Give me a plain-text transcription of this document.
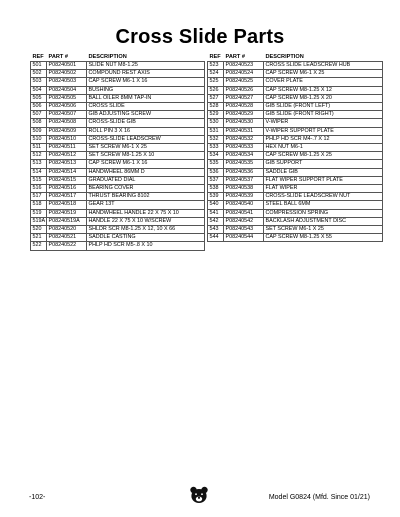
Cross Slide Parts
REF	PART #	DESCRIPTION
501	P08240501	SLIDE NUT M8-1.25
502	P08240502	COMPOUND REST AXIS
503	P08240503	CAP SCREW M6-1 X 16
504	P08240504	BUSHING
505	P08240505	BALL OILER 8MM TAP-IN
506	P08240506	CROSS SLIDE
507	P08240507	GIB ADJUSTING SCREW
508	P08240508	CROSS-SLIDE GIB
509	P08240509	ROLL PIN 3 X 16
510	P08240510	CROSS-SLIDE LEADSCREW
511	P08240511	SET SCREW M6-1 X 25
512	P08240512	SET SCREW M8-1.25 X 10
513	P08240513	CAP SCREW M6-1 X 16
514	P08240514	HANDWHEEL 86MM D
515	P08240515	GRADUATED DIAL
516	P08240516	BEARING COVER
517	P08240517	THRUST BEARING 8102
518	P08240518	GEAR 13T
519	P08240519	HANDWHEEL HANDLE 22 X 75 X 10
519A	P08240519A	HANDLE 22 X 75 X 10 W/SCREW
520	P08240520	SHLDR SCR M8-1.25 X 12, 10 X 66
521	P08240521	SADDLE CASTING
522	P08240522	PHLP HD SCR M5-.8 X 10
REF	PART #	DESCRIPTION
523	P08240523	CROSS SLIDE LEADSCREW HUB
524	P08240524	CAP SCREW M6-1 X 25
525	P08240525	COVER PLATE
526	P08240526	CAP SCREW M8-1.25 X 12
527	P08240527	CAP SCREW M8-1.25 X 20
528	P08240528	GIB SLIDE (FRONT LEFT)
529	P08240529	GIB SLIDE (FRONT RIGHT)
530	P08240530	V-WIPER
531	P08240531	V-WIPER SUPPORT PLATE
532	P08240532	PHLP HD SCR M4-.7 X 12
533	P08240533	HEX NUT M6-1
534	P08240534	CAP SCREW M8-1.25 X 25
535	P08240535	GIB SUPPORT
536	P08240536	SADDLE GIB
537	P08240537	FLAT WIPER SUPPORT PLATE
538	P08240538	FLAT WIPER
539	P08240539	CROSS-SLIDE LEADSCREW NUT
540	P08240540	STEEL BALL 6MM
541	P08240541	COMPRESSION SPRING
542	P08240542	BACKLASH ADJUSTMENT DISC
543	P08240543	SET SCREW M6-1 X 25
544	P08240544	CAP SCREW M8-1.25 X 55
-102-	Model G0824 (Mfd. Since 01/21)
